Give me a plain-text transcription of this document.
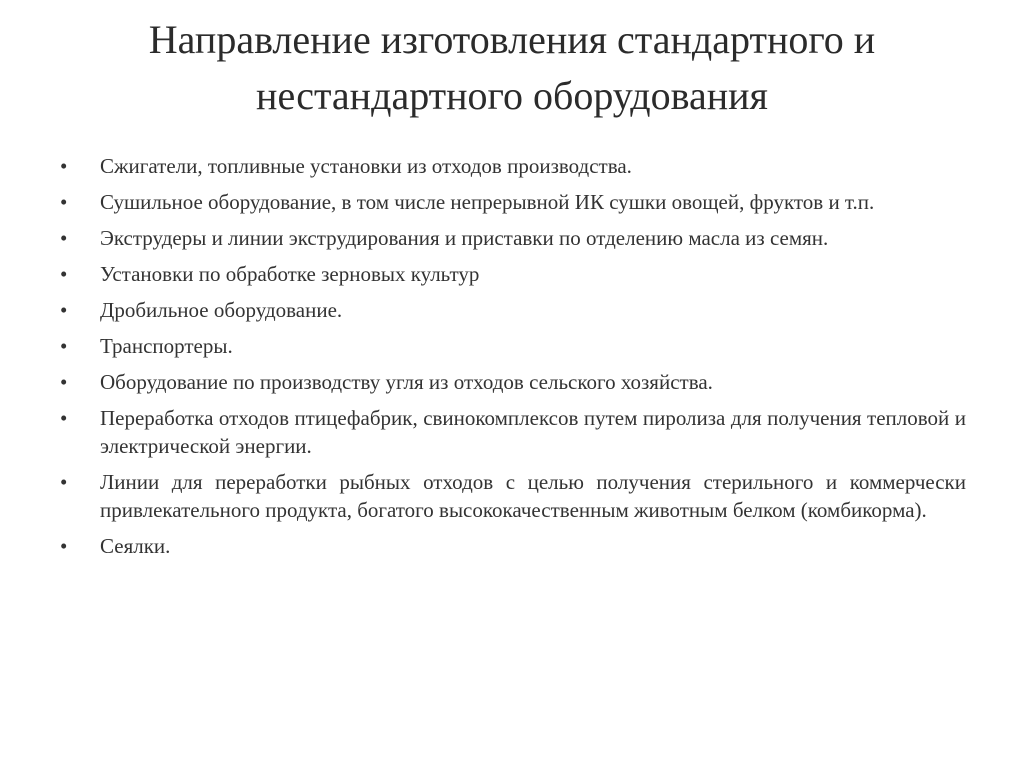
Направление изготовления стандартного и нестандартного оборудования
•	Сжигатели, топливные установки из отходов производства.
•	Сушильное оборудование, в том числе непрерывной ИК сушки овощей, фруктов и т.п.
•	Экструдеры и линии экструдирования и приставки по отделению масла из семян.
•	Установки по обработке зерновых культур
•	Дробильное оборудование.
•	Транспортеры.
•	Оборудование по производству угля из отходов сельского хозяйства.
•	Переработка отходов птицефабрик, свинокомплексов путем пиролиза для получения тепловой и электрической энергии.
•	Линии для переработки рыбных отходов с целью получения стерильного и коммерчески привлекательного продукта, богатого высококачественным животным белком (комбикорма).
•	Сеялки.
